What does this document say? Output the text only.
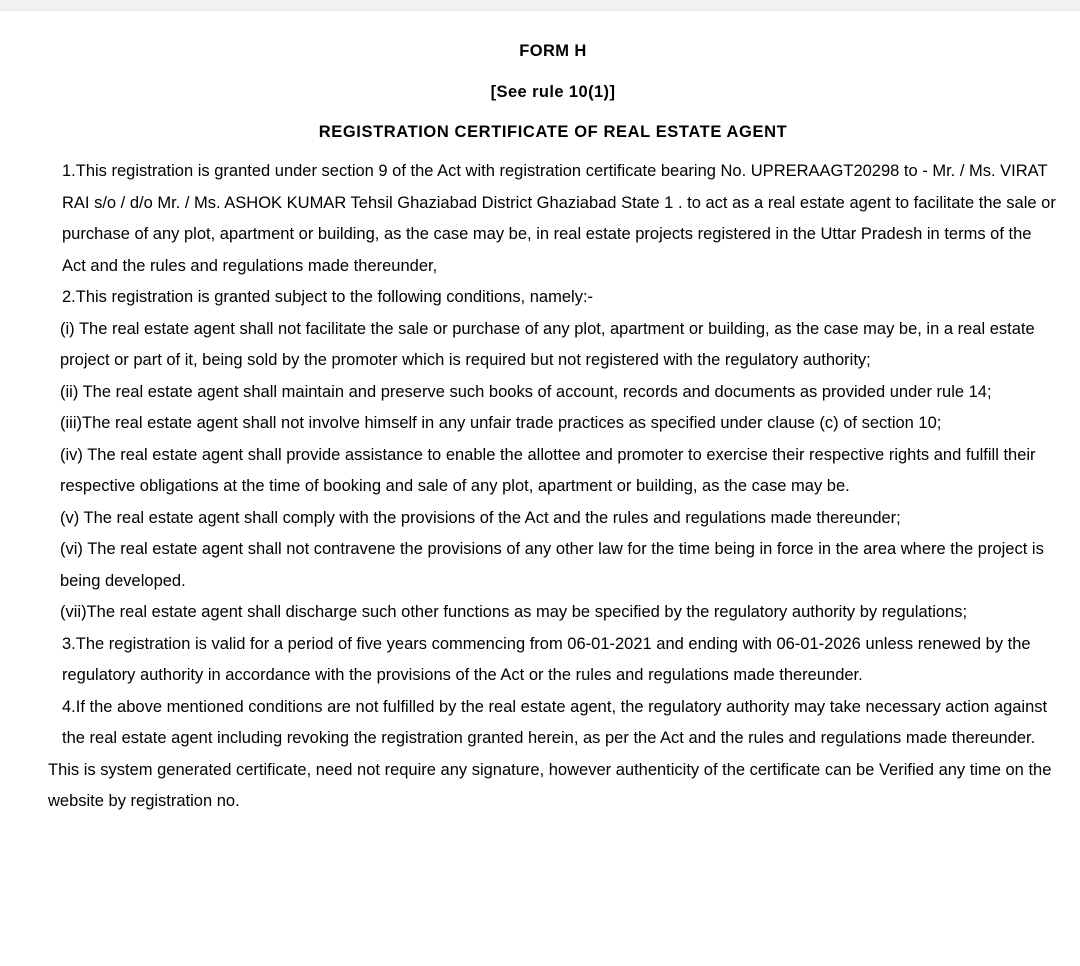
FORM H
[See rule 10(1)]
REGISTRATION CERTIFICATE OF REAL ESTATE AGENT

1.This registration is granted under section 9 of the Act with registration certificate bearing No. UPRERAAGT20298 to - Mr. / Ms. VIRAT RAI s/o / d/o Mr. / Ms. ASHOK KUMAR Tehsil Ghaziabad District Ghaziabad State 1 . to act as a real estate agent to facilitate the sale or purchase of any plot, apartment or building, as the case may be, in real estate projects registered in the Uttar Pradesh in terms of the Act and the rules and regulations made thereunder,

2.This registration is granted subject to the following conditions, namely:-

(i) The real estate agent shall not facilitate the sale or purchase of any plot, apartment or building, as the case may be, in a real estate project or part of it, being sold by the promoter which is required but not registered with the regulatory authority;

(ii) The real estate agent shall maintain and preserve such books of account, records and documents as provided under rule 14;

(iii)The real estate agent shall not involve himself in any unfair trade practices as specified under clause (c) of section 10;

(iv) The real estate agent shall provide assistance to enable the allottee and promoter to exercise their respective rights and fulfill their respective obligations at the time of booking and sale of any plot, apartment or building, as the case may be.

(v) The real estate agent shall comply with the provisions of the Act and the rules and regulations made thereunder;

(vi) The real estate agent shall not contravene the provisions of any other law for the time being in force in the area where the project is being developed.

(vii)The real estate agent shall discharge such other functions as may be specified by the regulatory authority by regulations;

3.The registration is valid for a period of five years commencing from 06-01-2021 and ending with 06-01-2026 unless renewed by the regulatory authority in accordance with the provisions of the Act or the rules and regulations made thereunder.

4.If the above mentioned conditions are not fulfilled by the real estate agent, the regulatory authority may take necessary action against the real estate agent including revoking the registration granted herein, as per the Act and the rules and regulations made thereunder.

This is system generated certificate, need not require any signature, however authenticity of the certificate can be Verified any time on the website by registration no.
